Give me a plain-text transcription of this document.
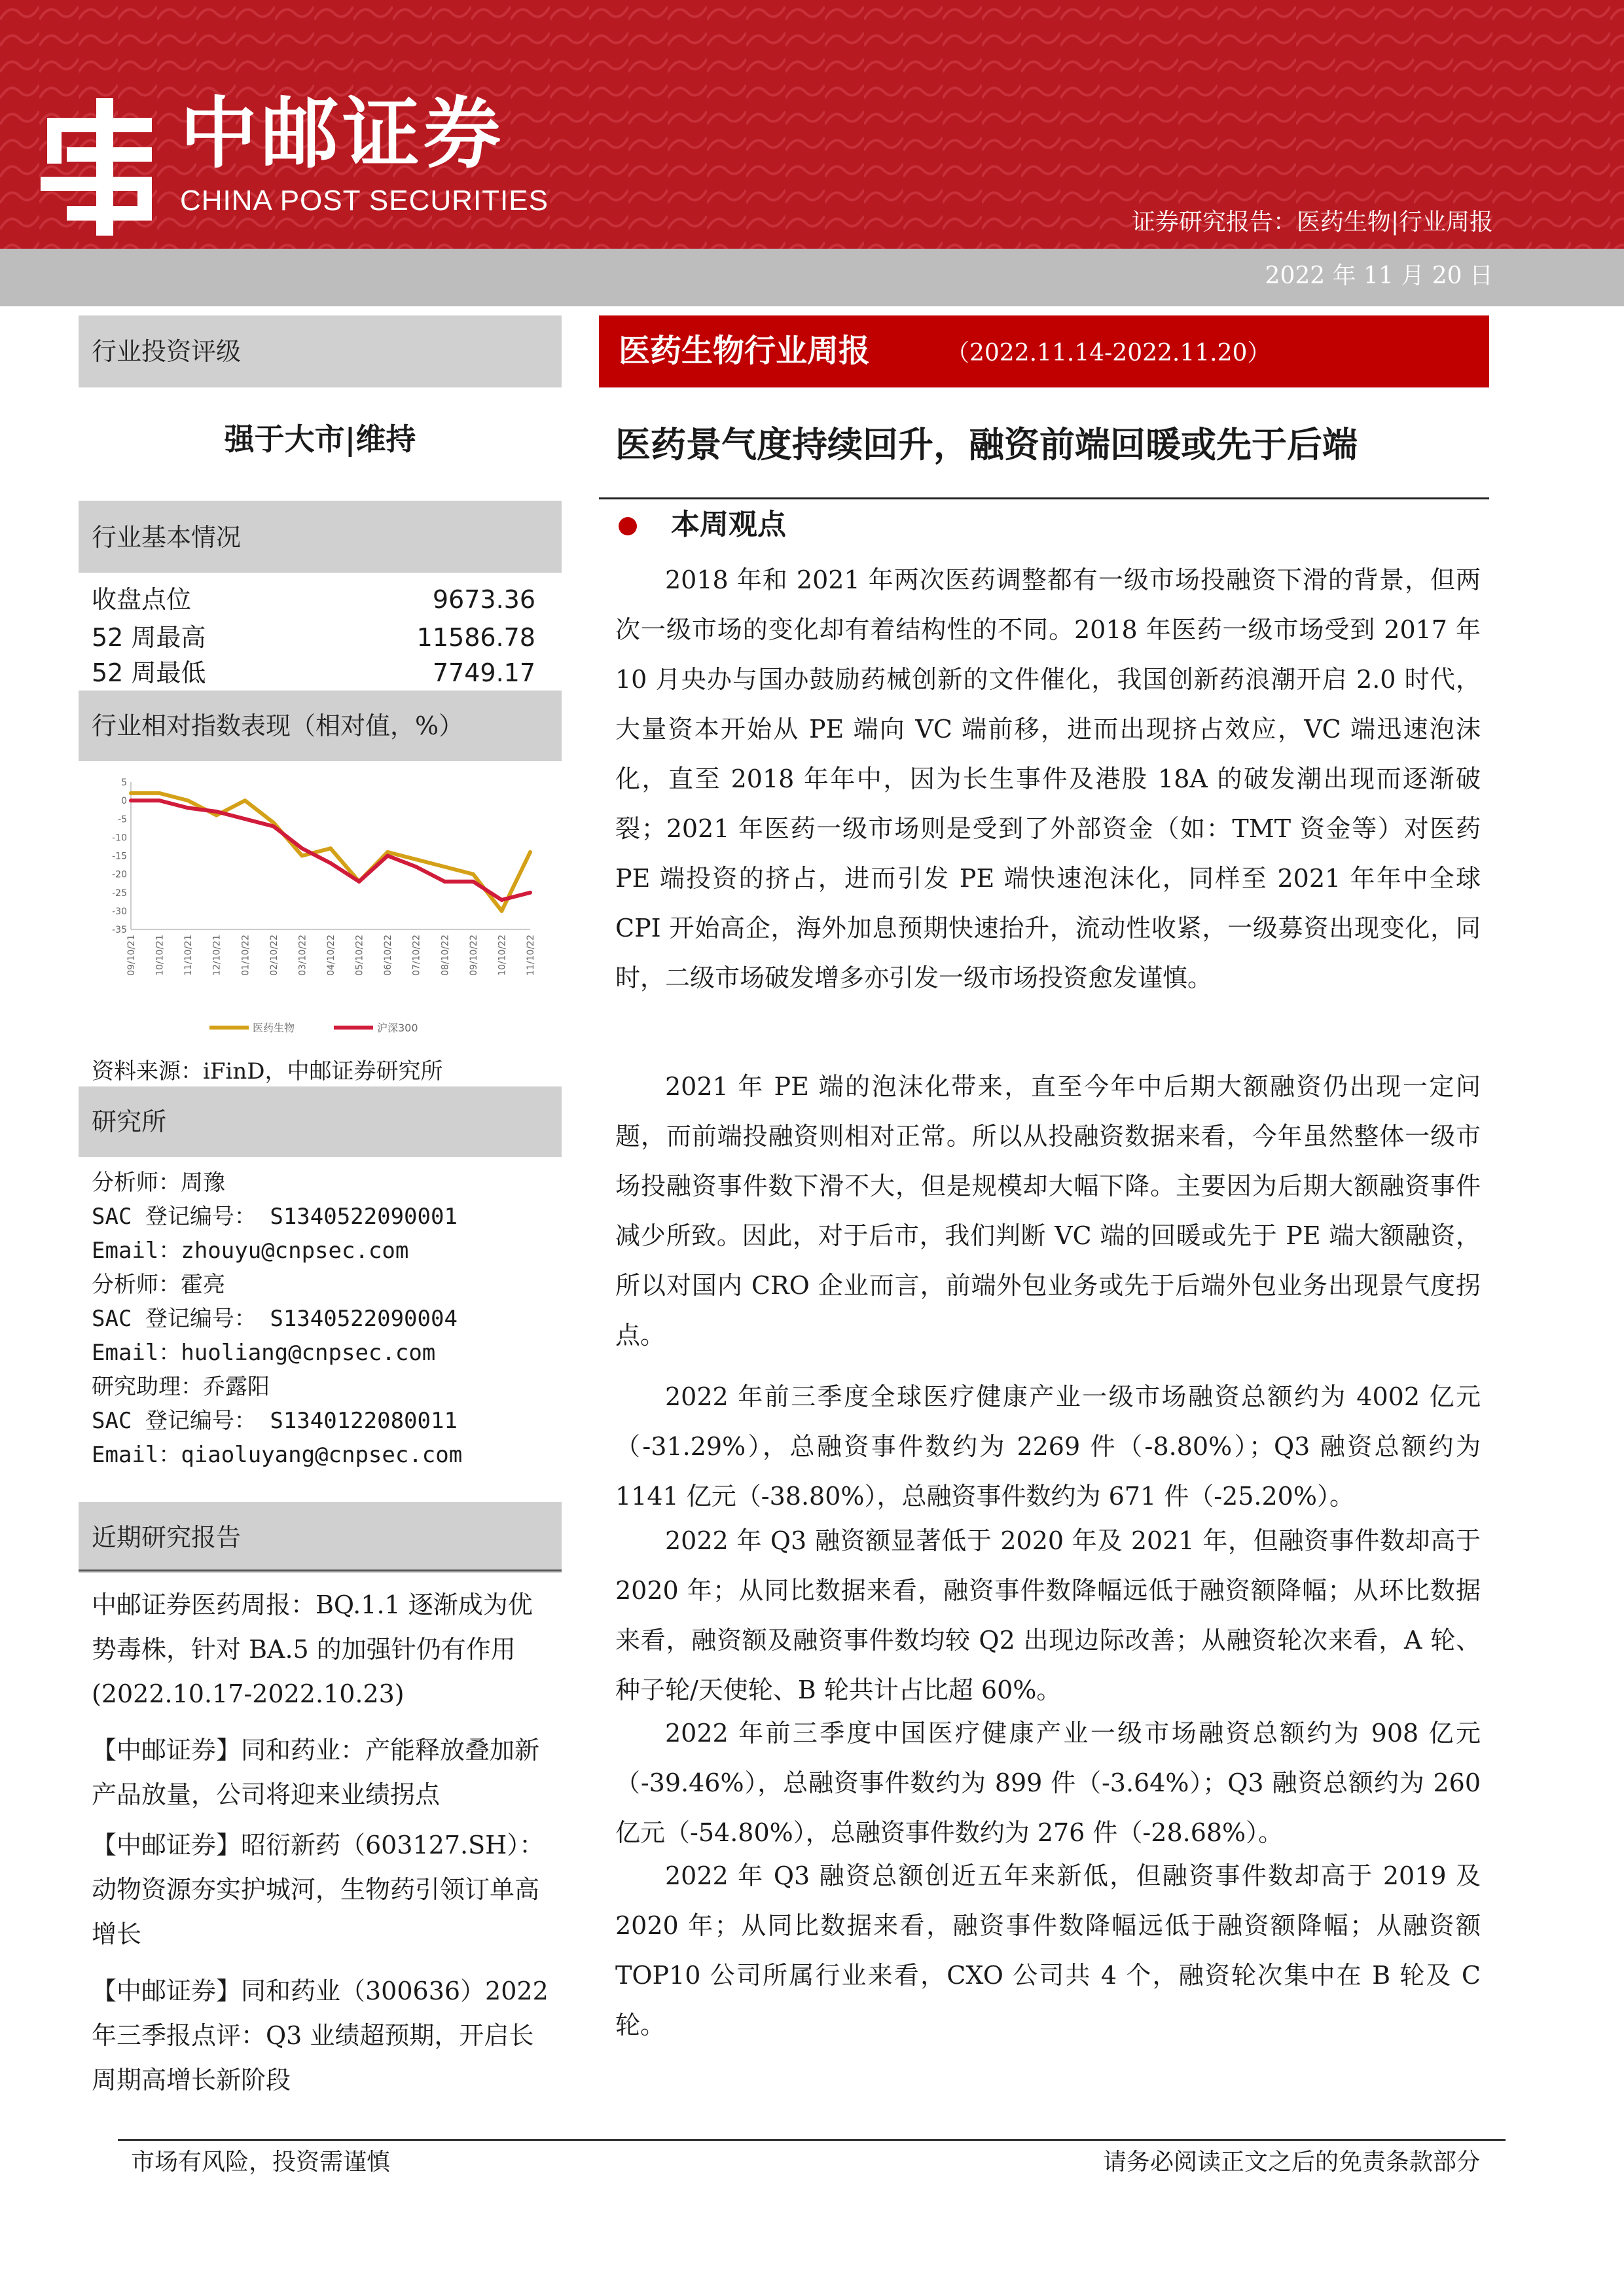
中邮证券
CHINA POST SECURITIES
证券研究报告：医药生物|行业周报
2022 年 11 月 20 日
行业投资评级
强于大市|维持
行业基本情况
收盘点位	9673.36
52 周最高	11586.78
52 周最低	7749.17
行业相对指数表现（相对值，%）
5
0
-5
-10
-15
-20
-25
-30
-35
09/10/21 10/10/21 11/10/21 12/10/21 01/10/22 02/10/22 03/10/22 04/10/22 05/10/22 06/10/22 07/10/22 08/10/22 09/10/22 10/10/22 11/10/22
医药生物	沪深300
资料来源：iFinD，中邮证券研究所
研究所
分析师：周豫
SAC 登记编号： S1340522090001
Email：zhouyu@cnpsec.com
分析师：霍亮
SAC 登记编号： S1340522090004
Email：huoliang@cnpsec.com
研究助理：乔露阳
SAC 登记编号： S1340122080011
Email：qiaoluyang@cnpsec.com
近期研究报告
中邮证券医药周报：BQ.1.1 逐渐成为优势毒株，针对 BA.5 的加强针仍有作用(2022.10.17-2022.10.23)
【中邮证券】同和药业：产能释放叠加新产品放量，公司将迎来业绩拐点
【中邮证券】昭衍新药（603127.SH）：动物资源夯实护城河，生物药引领订单高增长
【中邮证券】同和药业（300636）2022 年三季报点评：Q3 业绩超预期，开启长周期高增长新阶段
医药生物行业周报	（2022.11.14-2022.11.20）
医药景气度持续回升，融资前端回暖或先于后端
本周观点
2018 年和 2021 年两次医药调整都有一级市场投融资下滑的背景，但两次一级市场的变化却有着结构性的不同。2018 年医药一级市场受到 2017 年 10 月央办与国办鼓励药械创新的文件催化，我国创新药浪潮开启 2.0 时代，大量资本开始从 PE 端向 VC 端前移，进而出现挤占效应，VC 端迅速泡沫化，直至 2018 年年中，因为长生事件及港股 18A 的破发潮出现而逐渐破裂；2021 年医药一级市场则是受到了外部资金（如：TMT 资金等）对医药 PE 端投资的挤占，进而引发 PE 端快速泡沫化，同样至 2021 年年中全球 CPI 开始高企，海外加息预期快速抬升，流动性收紧，一级募资出现变化，同时，二级市场破发增多亦引发一级市场投资愈发谨慎。
2021 年 PE 端的泡沫化带来，直至今年中后期大额融资仍出现一定问题，而前端投融资则相对正常。所以从投融资数据来看，今年虽然整体一级市场投融资事件数下滑不大，但是规模却大幅下降。主要因为后期大额融资事件减少所致。因此，对于后市，我们判断 VC 端的回暖或先于 PE 端大额融资，所以对国内 CRO 企业而言，前端外包业务或先于后端外包业务出现景气度拐点。
2022 年前三季度全球医疗健康产业一级市场融资总额约为 4002 亿元（-31.29%），总融资事件数约为 2269 件（-8.80%）；Q3 融资总额约为 1141 亿元（-38.80%），总融资事件数约为 671 件（-25.20%）。
2022 年 Q3 融资额显著低于 2020 年及 2021 年，但融资事件数却高于 2020 年；从同比数据来看，融资事件数降幅远低于融资额降幅；从环比数据来看，融资额及融资事件数均较 Q2 出现边际改善；从融资轮次来看，A 轮、种子轮/天使轮、B 轮共计占比超 60%。
2022 年前三季度中国医疗健康产业一级市场融资总额约为 908 亿元（-39.46%），总融资事件数约为 899 件（-3.64%）；Q3 融资总额约为 260 亿元（-54.80%），总融资事件数约为 276 件（-28.68%）。
2022 年 Q3 融资总额创近五年来新低，但融资事件数却高于 2019 及 2020 年；从同比数据来看，融资事件数降幅远低于融资额降幅；从融资额 TOP10 公司所属行业来看，CXO 公司共 4 个，融资轮次集中在 B 轮及 C 轮。
市场有风险，投资需谨慎	请务必阅读正文之后的免责条款部分
